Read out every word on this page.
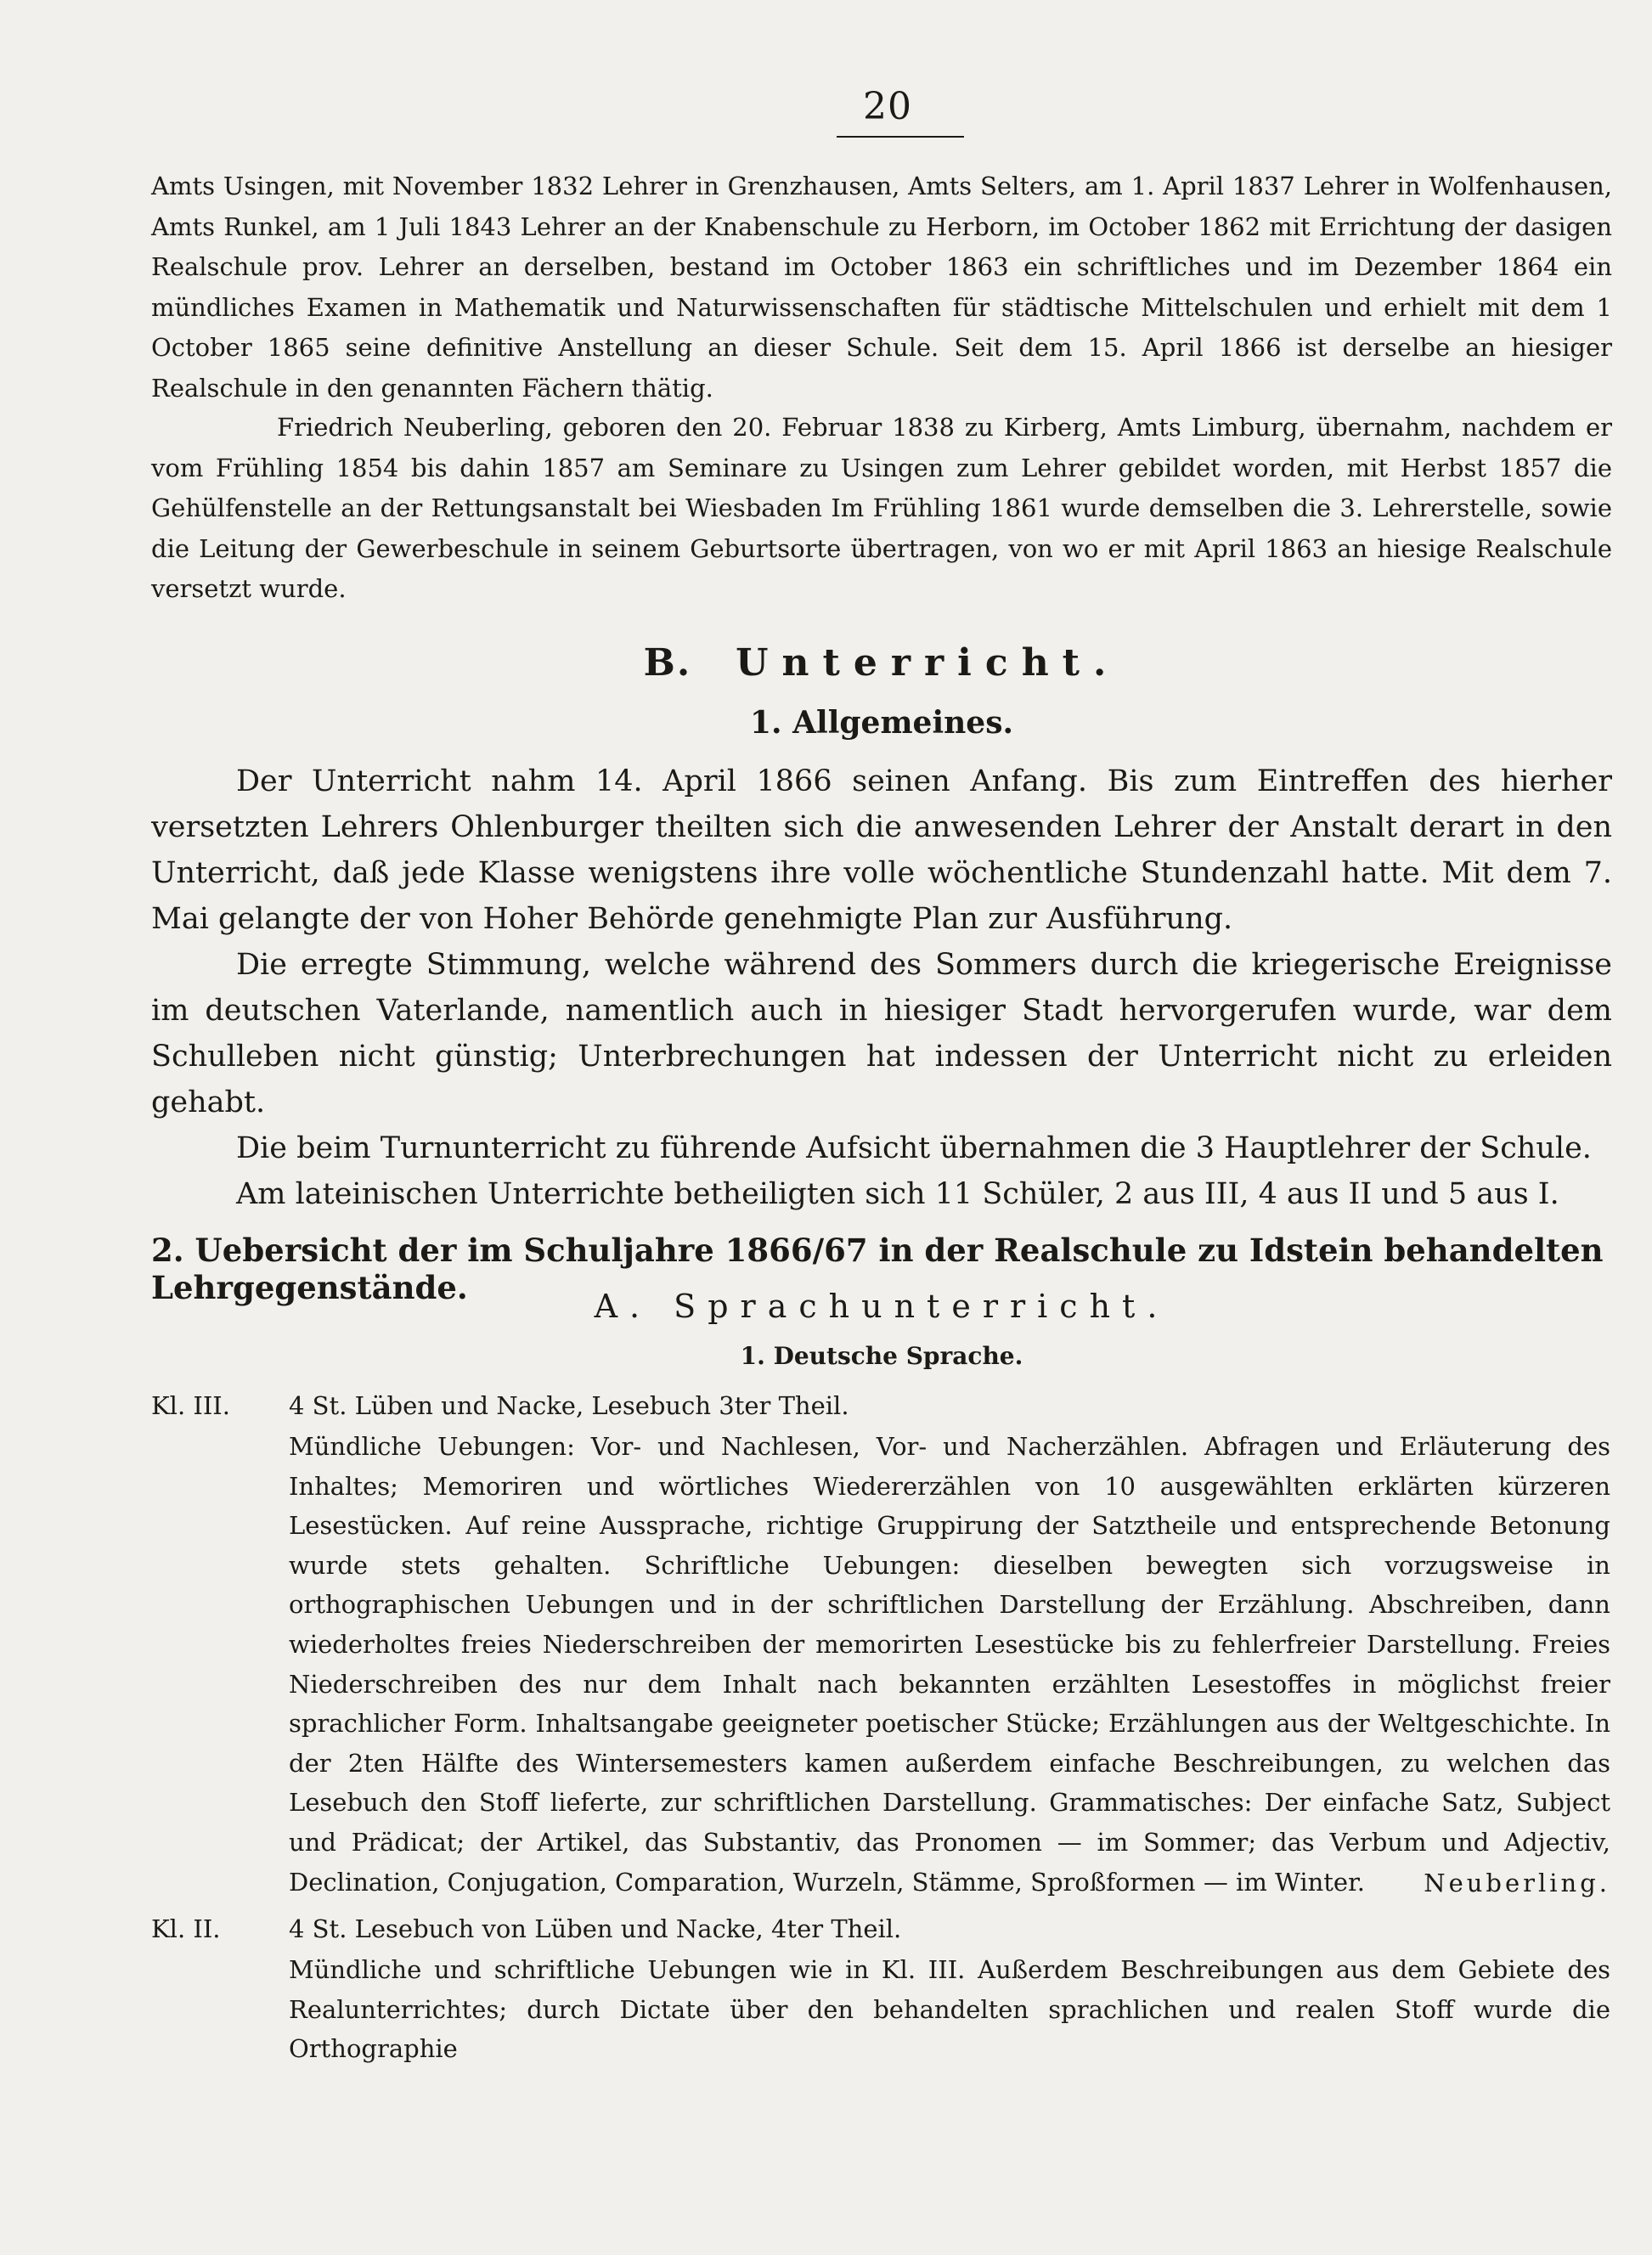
20

Amts Usingen, mit November 1832 Lehrer in Grenzhausen, Amts Selters, am 1. April 1837 Lehrer in Wolfenhausen, Amts Runkel, am 1 Juli 1843 Lehrer an der Knabenschule zu Herborn, im October 1862 mit Errichtung der dasigen Realschule prov. Lehrer an derselben, bestand im October 1863 ein schriftliches und im Dezember 1864 ein mündliches Examen in Mathematik und Naturwissenschaften für städtische Mittelschulen und erhielt mit dem 1 October 1865 seine definitive Anstellung an dieser Schule. Seit dem 15. April 1866 ist derselbe an hiesiger Realschule in den genannten Fächern thätig.

Friedrich Neuberling, geboren den 20. Februar 1838 zu Kirberg, Amts Limburg, übernahm, nachdem er vom Frühling 1854 bis dahin 1857 am Seminare zu Usingen zum Lehrer gebildet worden, mit Herbst 1857 die Gehülfenstelle an der Rettungsanstalt bei Wiesbaden Im Frühling 1861 wurde demselben die 3. Lehrerstelle, sowie die Leitung der Gewerbeschule in seinem Geburtsorte übertragen, von wo er mit April 1863 an hiesige Realschule versetzt wurde.

B. Unterricht.
1. Allgemeines.

Der Unterricht nahm 14. April 1866 seinen Anfang. Bis zum Eintreffen des hierher versetzten Lehrers Ohlenburger theilten sich die anwesenden Lehrer der Anstalt derart in den Unterricht, daß jede Klasse wenigstens ihre volle wöchentliche Stundenzahl hatte. Mit dem 7. Mai gelangte der von Hoher Behörde genehmigte Plan zur Ausführung.

Die erregte Stimmung, welche während des Sommers durch die kriegerische Ereignisse im deutschen Vaterlande, namentlich auch in hiesiger Stadt hervorgerufen wurde, war dem Schulleben nicht günstig; Unterbrechungen hat indessen der Unterricht nicht zu erleiden gehabt.

Die beim Turnunterricht zu führende Aufsicht übernahmen die 3 Hauptlehrer der Schule.

Am lateinischen Unterrichte betheiligten sich 11 Schüler, 2 aus III, 4 aus II und 5 aus I.

2. Uebersicht der im Schuljahre 1866/67 in der Realschule zu Idstein behandelten Lehrgegenstände.	A. Sprachunterricht.
1. Deutsche Sprache.
Kl. III.	4 St. Lüben und Nacke, Lesebuch 3ter Theil.

Mündliche Uebungen: Vor- und Nachlesen, Vor- und Nacherzählen. Abfragen und Erläuterung des Inhaltes; Memoriren und wörtliches Wiedererzählen von 10 ausgewählten erklärten kürzeren Lesestücken. Auf reine Aussprache, richtige Gruppirung der Satztheile und entsprechende Betonung wurde stets gehalten. Schriftliche Uebungen: dieselben bewegten sich vorzugsweise in orthographischen Uebungen und in der schriftlichen Darstellung der Erzählung. Abschreiben, dann wiederholtes freies Niederschreiben der memorirten Lesestücke bis zu fehlerfreier Darstellung. Freies Niederschreiben des nur dem Inhalt nach bekannten erzählten Lesestoffes in möglichst freier sprachlicher Form. Inhaltsangabe geeigneter poetischer Stücke; Erzählungen aus der Weltgeschichte. In der 2ten Hälfte des Wintersemesters kamen außerdem einfache Beschreibungen, zu welchen das Lesebuch den Stoff lieferte, zur schriftlichen Darstellung. Grammatisches: Der einfache Satz, Subject und Prädicat; der Artikel, das Substantiv, das Pronomen — im Sommer; das Verbum und Adjectiv, Declination, Conjugation, Comparation, Wurzeln, Stämme, Sproßformen — im Winter.	Neuberling.
Kl. II.	4 St. Lesebuch von Lüben und Nacke, 4ter Theil.

Mündliche und schriftliche Uebungen wie in Kl. III. Außerdem Beschreibungen aus dem Gebiete des Realunterrichtes; durch Dictate über den behandelten sprachlichen und realen Stoff wurde die Orthographie
